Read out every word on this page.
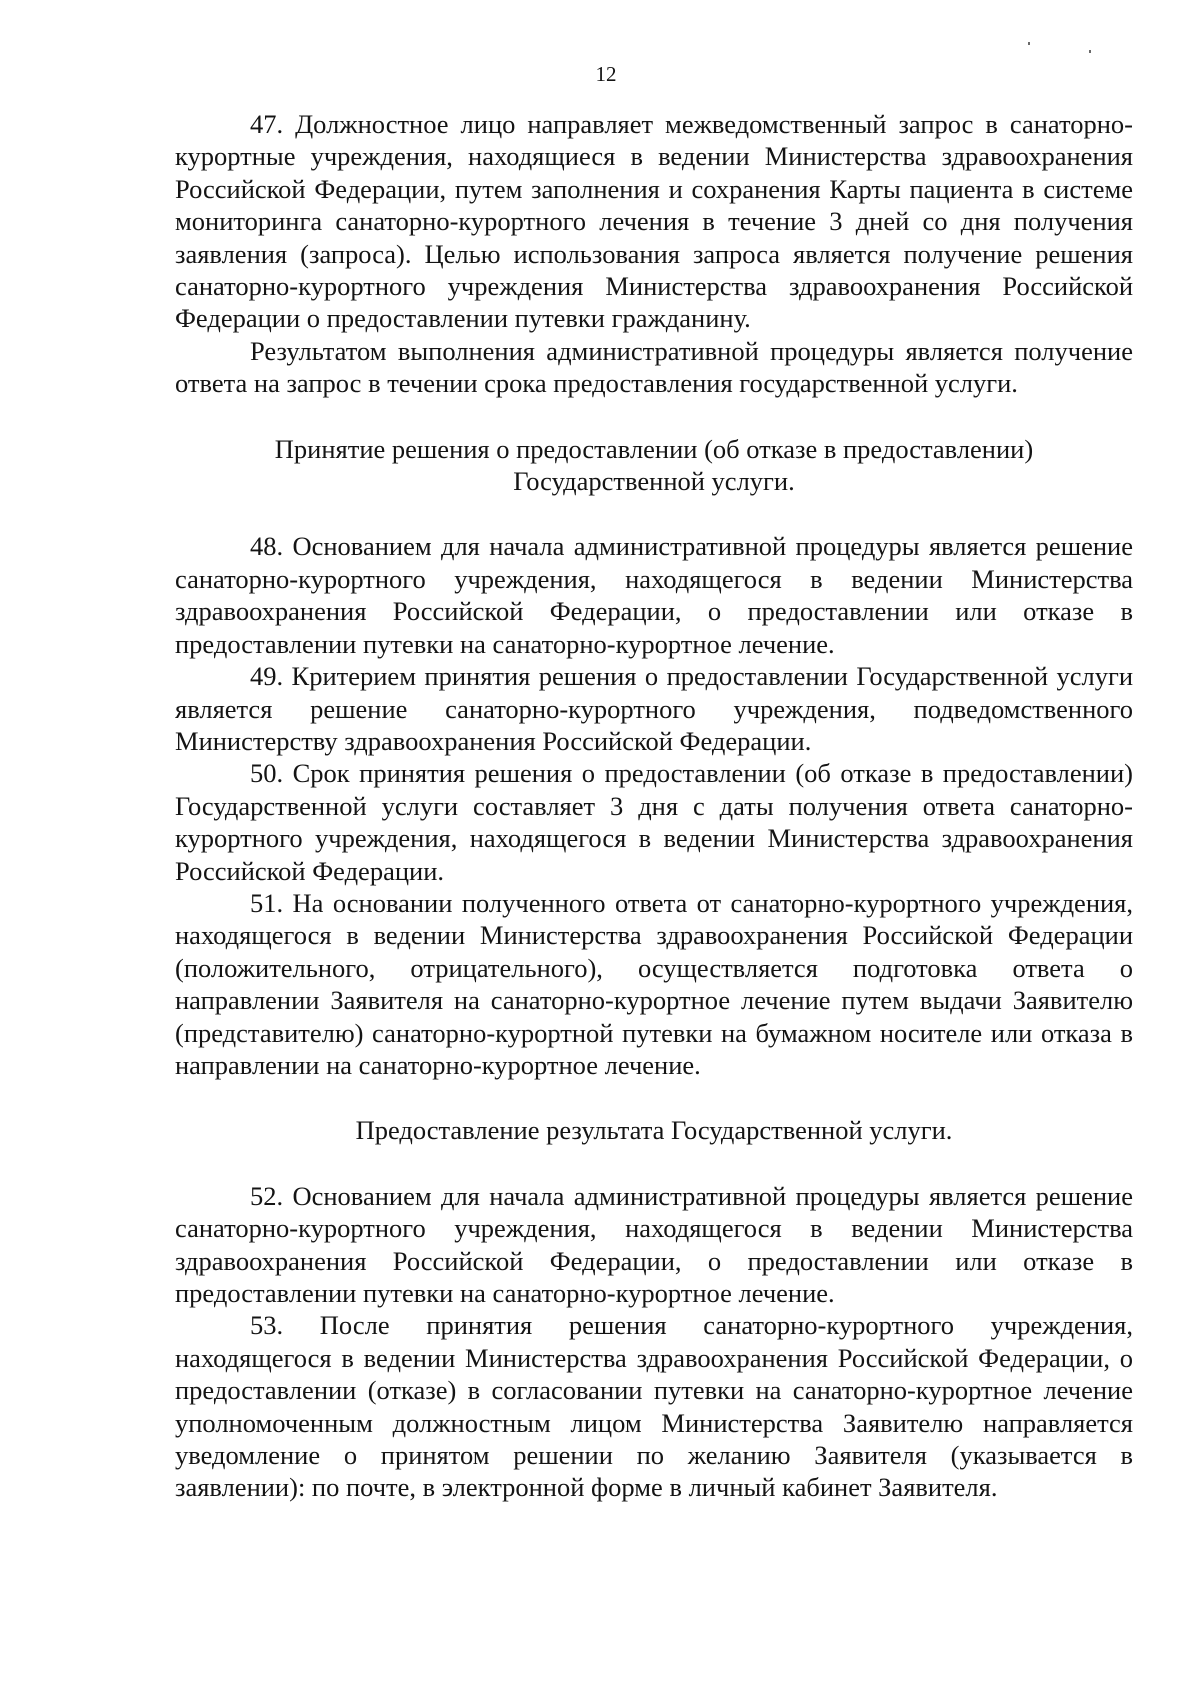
12

47. Должностное лицо направляет межведомственный запрос в санаторно-курортные учреждения, находящиеся в ведении Министерства здравоохранения Российской Федерации, путем заполнения и сохранения Карты пациента в системе мониторинга санаторно-курортного лечения в течение 3 дней со дня получения заявления (запроса). Целью использования запроса является получение решения санаторно-курортного учреждения Министерства здравоохранения Российской Федерации о предоставлении путевки гражданину.

Результатом выполнения административной процедуры является получение ответа на запрос в течении срока предоставления государственной услуги.

Принятие решения о предоставлении (об отказе в предоставлении)

Государственной услуги.

48. Основанием для начала административной процедуры является решение санаторно-курортного учреждения, находящегося в ведении Министерства здравоохранения Российской Федерации, о предоставлении или отказе в предоставлении путевки на санаторно-курортное лечение.

49. Критерием принятия решения о предоставлении Государственной услуги является решение санаторно-курортного учреждения, подведомственного Министерству здравоохранения Российской Федерации.

50. Срок принятия решения о предоставлении (об отказе в предоставлении) Государственной услуги составляет 3 дня с даты получения ответа санаторно-курортного учреждения, находящегося в ведении Министерства здравоохранения Российской Федерации.

51. На основании полученного ответа от санаторно-курортного учреждения, находящегося в ведении Министерства здравоохранения Российской Федерации (положительного, отрицательного), осуществляется подготовка ответа о направлении Заявителя на санаторно-курортное лечение путем выдачи Заявителю (представителю) санаторно-курортной путевки на бумажном носителе или отказа в направлении на санаторно-курортное лечение.

Предоставление результата Государственной услуги.

52. Основанием для начала административной процедуры является решение санаторно-курортного учреждения, находящегося в ведении Министерства здравоохранения Российской Федерации, о предоставлении или отказе в предоставлении путевки на санаторно-курортное лечение.

53. После принятия решения санаторно-курортного учреждения, находящегося в ведении Министерства здравоохранения Российской Федерации, о предоставлении (отказе) в согласовании путевки на санаторно-курортное лечение уполномоченным должностным лицом Министерства Заявителю направляется уведомление о принятом решении по желанию Заявителя (указывается в заявлении): по почте, в электронной форме в личный кабинет Заявителя.
